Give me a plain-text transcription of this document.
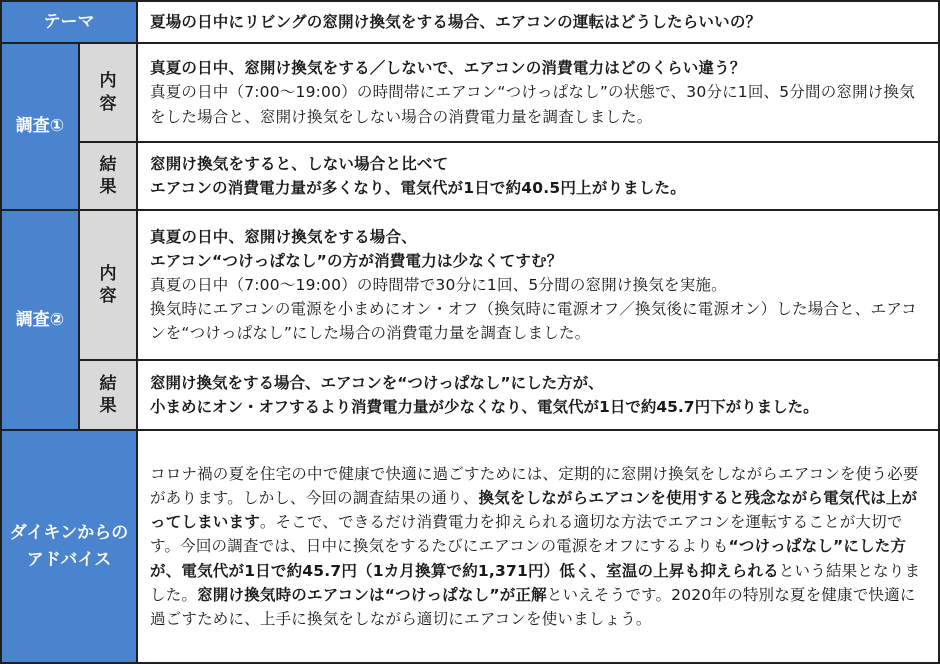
テーマ		夏場の日中にリビングの窓開け換気をする場合、エアコンの運転はどうしたらいいの？

調査①	内容	真夏の日中、窓開け換気をする／しないで、エアコンの消費電力はどのくらい違う？
真夏の日中（7:00～19:00）の時間帯にエアコン“つけっぱなし”の状態で、30分に1回、5分間の窓開け換気をした場合と、窓開け換気をしない場合の消費電力量を調査しました。

	結果	窓開け換気をすると、しない場合と比べて
エアコンの消費電力量が多くなり、電気代が1日で約40.5円上がりました。

調査②	内容	真夏の日中、窓開け換気をする場合、
エアコン“つけっぱなし”の方が消費電力は少なくてすむ？
真夏の日中（7:00～19:00）の時間帯で30分に1回、5分間の窓開け換気を実施。
換気時にエアコンの電源を小まめにオン・オフ（換気時に電源オフ／換気後に電源オン）した場合と、エアコンを“つけっぱなし”にした場合の消費電力量を調査しました。

	結果	窓開け換気をする場合、エアコンを“つけっぱなし”にした方が、
小まめにオン・オフするより消費電力量が少なくなり、電気代が1日で約45.7円下がりました。

ダイキンからの
アドバイス		コロナ禍の夏を住宅の中で健康で快適に過ごすためには、定期的に窓開け換気をしながらエアコンを使う必要があります。しかし、今回の調査結果の通り、換気をしながらエアコンを使用すると残念ながら電気代は上がってしまいます。そこで、できるだけ消費電力を抑えられる適切な方法でエアコンを運転することが大切です。今回の調査では、日中に換気をするたびにエアコンの電源をオフにするよりも“つけっぱなし”にした方が、電気代が1日で約45.7円（1カ月換算で約1,371円）低く、室温の上昇も抑えられるという結果となりました。窓開け換気時のエアコンは“つけっぱなし”が正解といえそうです。2020年の特別な夏を健康で快適に過ごすために、上手に換気をしながら適切にエアコンを使いましょう。
